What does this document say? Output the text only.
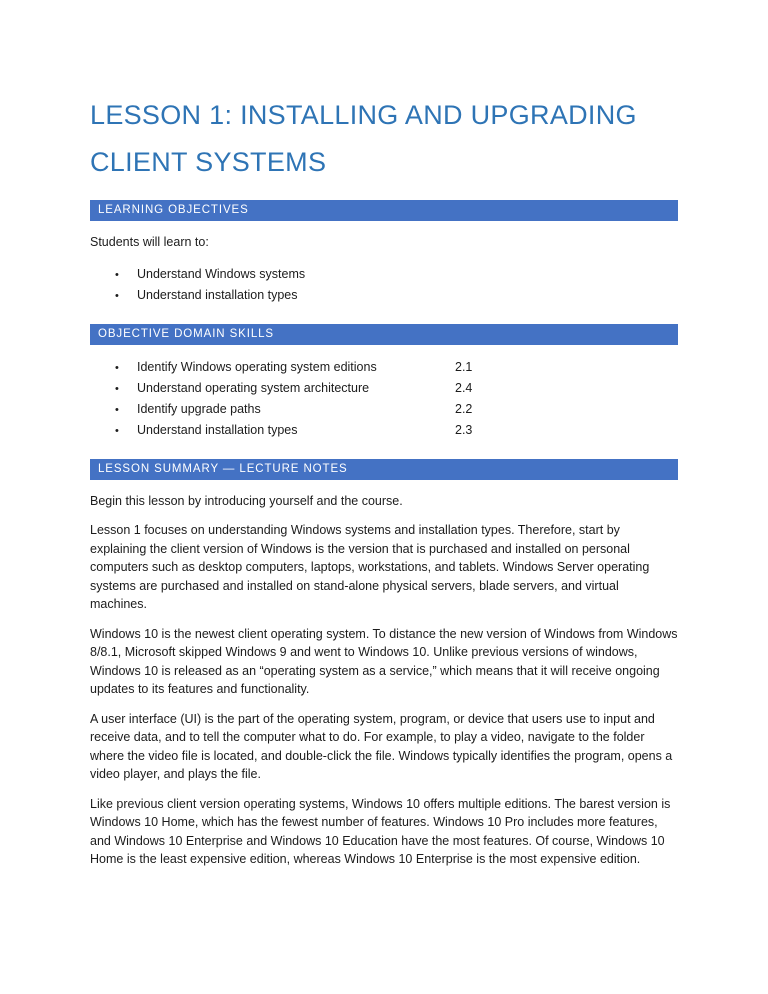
LESSON 1: INSTALLING AND UPGRADING
CLIENT SYSTEMS
LEARNING OBJECTIVES

Students will learn to:

•	Understand Windows systems
•	Understand installation types
OBJECTIVE DOMAIN SKILLS
•	Identify Windows operating system editions	2.1
•	Understand operating system architecture	2.4
•	Identify upgrade paths	2.2
•	Understand installation types	2.3
LESSON SUMMARY — LECTURE NOTES

Begin this lesson by introducing yourself and the course.

Lesson 1 focuses on understanding Windows systems and installation types. Therefore, start by explaining the client version of Windows is the version that is purchased and installed on personal computers such as desktop computers, laptops, workstations, and tablets. Windows Server operating systems are purchased and installed on stand-alone physical servers, blade servers, and virtual machines.

Windows 10 is the newest client operating system. To distance the new version of Windows from Windows 8/8.1, Microsoft skipped Windows 9 and went to Windows 10. Unlike previous versions of windows, Windows 10 is released as an “operating system as a service,” which means that it will receive ongoing updates to its features and functionality.

A user interface (UI) is the part of the operating system, program, or device that users use to input and receive data, and to tell the computer what to do. For example, to play a video, navigate to the folder where the video file is located, and double-click the file. Windows typically identifies the program, opens a video player, and plays the file.

Like previous client version operating systems, Windows 10 offers multiple editions. The barest version is Windows 10 Home, which has the fewest number of features. Windows 10 Pro includes more features, and Windows 10 Enterprise and Windows 10 Education have the most features. Of course, Windows 10 Home is the least expensive edition, whereas Windows 10 Enterprise is the most expensive edition.
